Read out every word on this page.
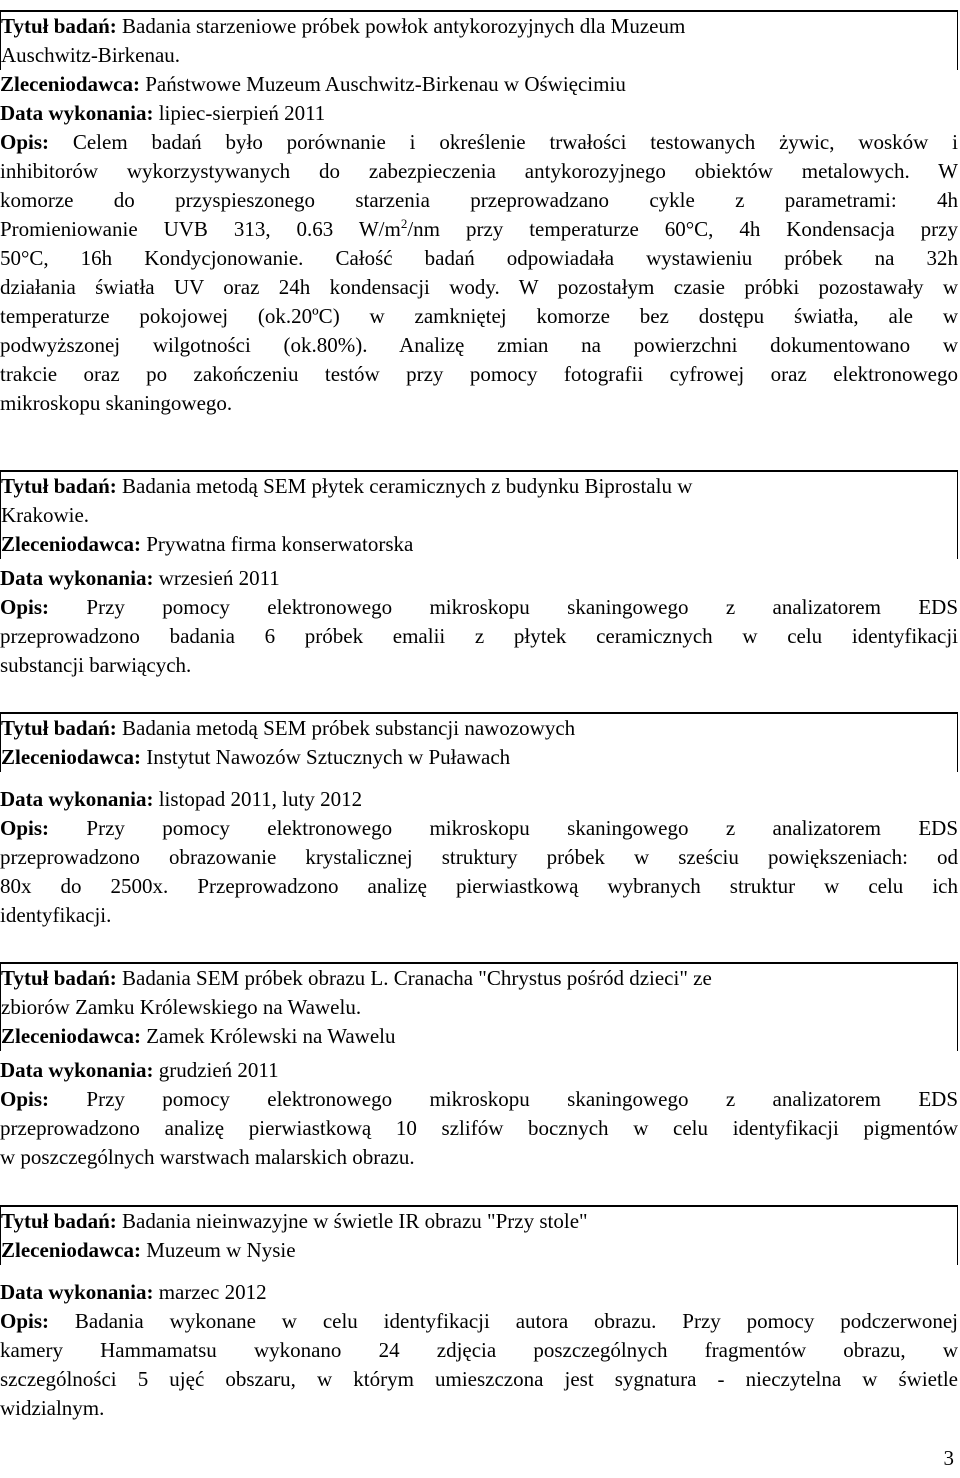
Tytuł badań: Badania starzeniowe próbek powłok antykorozyjnych dla Muzeum
Auschwitz-Birkenau.
Zleceniodawca: Państwowe Muzeum Auschwitz-Birkenau w Oświęcimiu
Data wykonania: lipiec-sierpień 2011
Opis: Celem badań było porównanie i określenie trwałości testowanych żywic, wosków i
inhibitorów wykorzystywanych do zabezpieczenia antykorozyjnego obiektów metalowych. W
komorze do przyspieszonego starzenia przeprowadzano cykle z parametrami: 4h
Promieniowanie UVB 313, 0.63 $W/m^2/nm$ przy temperaturze 60°C, 4h Kondensacja przy
50°C, 16h Kondycjonowanie. Całość badań odpowiadała wystawieniu próbek na 32h
działania światła UV oraz 24h kondensacji wody. W pozostałym czasie próbki pozostawały w
temperaturze pokojowej (ok.20ºC) w zamkniętej komorze bez dostępu światła, ale w
podwyższonej wilgotności (ok.80%). Analizę zmian na powierzchni dokumentowano w
trakcie oraz po zakończeniu testów przy pomocy fotografii cyfrowej oraz elektronowego
mikroskopu skaningowego.
Tytuł badań: Badania metodą SEM płytek ceramicznych z budynku Biprostalu w
Krakowie.
Zleceniodawca: Prywatna firma konserwatorska
Data wykonania: wrzesień 2011
Opis: Przy pomocy elektronowego mikroskopu skaningowego z analizatorem EDS
przeprowadzono badania 6 próbek emalii z płytek ceramicznych w celu identyfikacji
substancji barwiących.
Tytuł badań: Badania metodą SEM próbek substancji nawozowych
Zleceniodawca: Instytut Nawozów Sztucznych w Puławach
Data wykonania: listopad 2011, luty 2012
Opis: Przy pomocy elektronowego mikroskopu skaningowego z analizatorem EDS
przeprowadzono obrazowanie krystalicznej struktury próbek w sześciu powiększeniach: od
80x do 2500x. Przeprowadzono analizę pierwiastkową wybranych struktur w celu ich
identyfikacji.
Tytuł badań: Badania SEM próbek obrazu L. Cranacha "Chrystus pośród dzieci" ze
zbiorów Zamku Królewskiego na Wawelu.
Zleceniodawca: Zamek Królewski na Wawelu
Data wykonania: grudzień 2011
Opis: Przy pomocy elektronowego mikroskopu skaningowego z analizatorem EDS
przeprowadzono analizę pierwiastkową 10 szlifów bocznych w celu identyfikacji pigmentów
w poszczególnych warstwach malarskich obrazu.
Tytuł badań: Badania nieinwazyjne w świetle IR obrazu "Przy stole"
Zleceniodawca: Muzeum w Nysie
Data wykonania: marzec 2012
Opis: Badania wykonane w celu identyfikacji autora obrazu. Przy pomocy podczerwonej
kamery Hammamatsu wykonano 24 zdjęcia poszczególnych fragmentów obrazu, w
szczególności 5 ujęć obszaru, w którym umieszczona jest sygnatura - nieczytelna w świetle
widzialnym.
3
